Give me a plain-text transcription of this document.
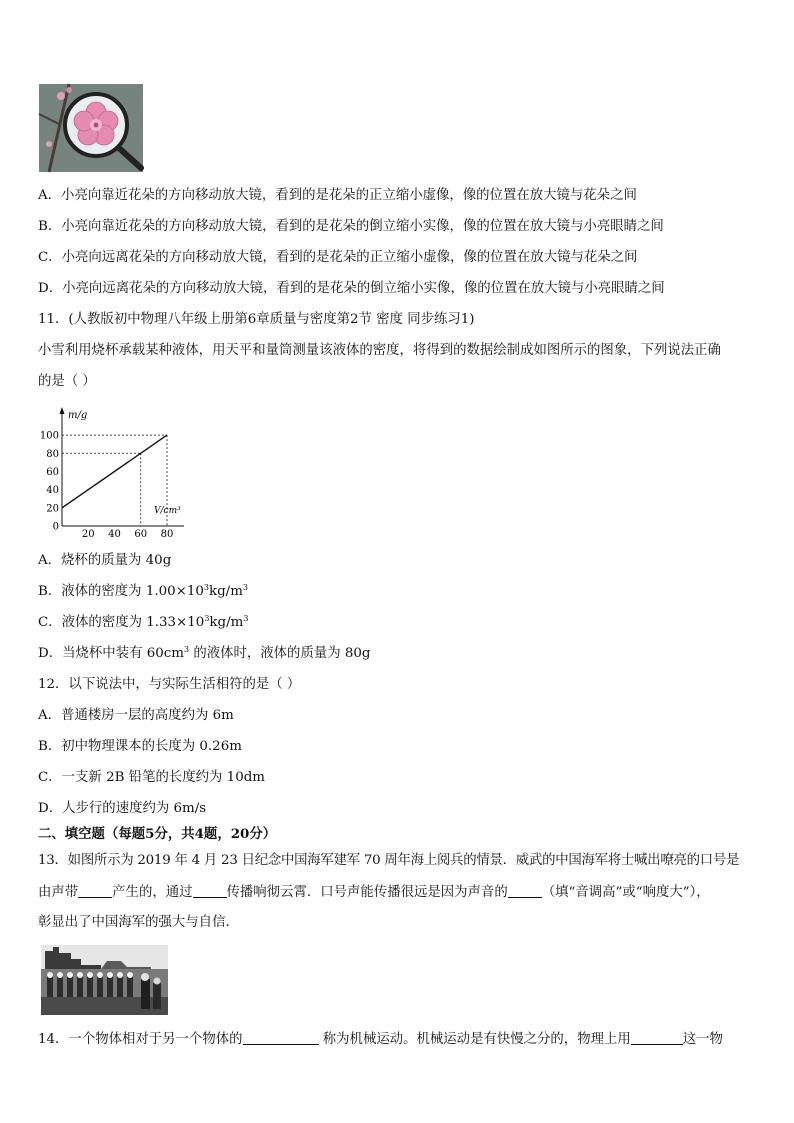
A．小亮向靠近花朵的方向移动放大镜，看到的是花朵的正立缩小虚像，像的位置在放大镜与花朵之间
B．小亮向靠近花朵的方向移动放大镜，看到的是花朵的倒立缩小实像，像的位置在放大镜与小亮眼睛之间
C．小亮向远离花朵的方向移动放大镜，看到的是花朵的正立缩小虚像，像的位置在放大镜与花朵之间
D．小亮向远离花朵的方向移动放大镜，看到的是花朵的倒立缩小实像，像的位置在放大镜与小亮眼睛之间
11．(人教版初中物理八年级上册第6章质量与密度第2节 密度 同步练习1)
小雪利用烧杯承载某种液体，用天平和量筒测量该液体的密度，将得到的数据绘制成如图所示的图象，下列说法正确
的是（ ）
m/g
V/cm³
100
80
60
40
20
0
20 40 60 80
A．烧杯的质量为 40g
B．液体的密度为 $1.00\times 10^3kg/m^3$
C．液体的密度为 $1.33\times 10^3kg/m^3$
D．当烧杯中装有 $60cm^3$ 的液体时，液体的质量为 80g
12．以下说法中，与实际生活相符的是（ ）
A．普通楼房一层的高度约为 6m
B．初中物理课本的长度为 0.26m
C．一支新 2B 铅笔的长度约为 10dm
D．人步行的速度约为 6m/s
二、填空题（每题5分，共4题，20分）
13．如图所示为 2019 年 4 月 23 日纪念中国海军建军 70 周年海上阅兵的情景．威武的中国海军将士喊出嘹亮的口号是
由声带	产生的，通过	传播响彻云霄．口号声能传播很远是因为声音的	（填“音调高”或“响度大”），
彰显出了中国海军的强大与自信．
14．一个物体相对于另一个物体的	称为机械运动。机械运动是有快慢之分的，物理上用	这一物
